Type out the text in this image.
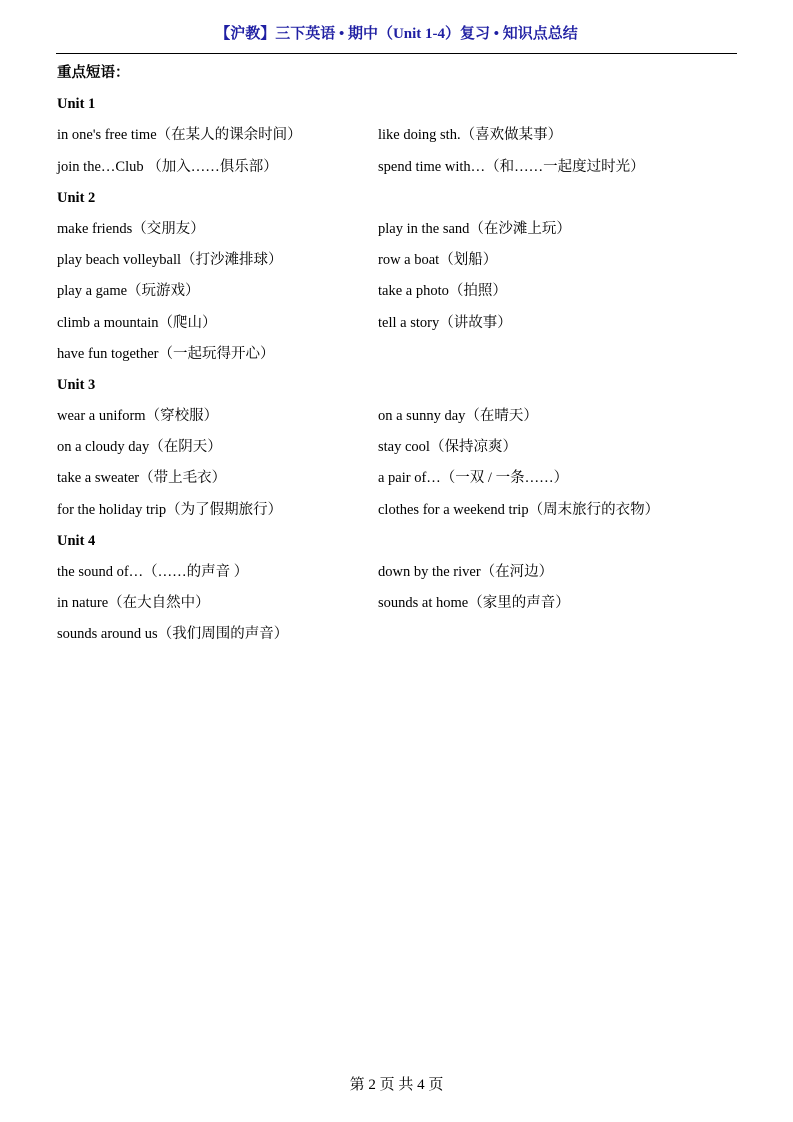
【沪教】三下英语 • 期中（Unit 1-4）复习 • 知识点总结
重点短语：
Unit 1
in one's free time（在某人的课余时间）	like doing sth.（喜欢做某事）
join the…Club （加入……俱乐部）	spend time with…（和……一起度过时光）
Unit 2
make friends（交朋友）	play in the sand（在沙滩上玩）
play beach volleyball（打沙滩排球）	row a boat（划船）
play a game（玩游戏）	take a photo（拍照）
climb a mountain（爬山）	tell a story（讲故事）
have fun together（一起玩得开心）
Unit 3
wear a uniform（穿校服）	on a sunny day（在晴天）
on a cloudy day（在阴天）	stay cool（保持凉爽）
take a sweater（带上毛衣）	a pair of…（一双 / 一条……）
for the holiday trip（为了假期旅行）	clothes for a weekend trip（周末旅行的衣物）
Unit 4
the sound of…（……的声音 ）	down by the river（在河边）
in nature（在大自然中）	sounds at home（家里的声音）
sounds around us（我们周围的声音）
第 2 页 共 4 页
